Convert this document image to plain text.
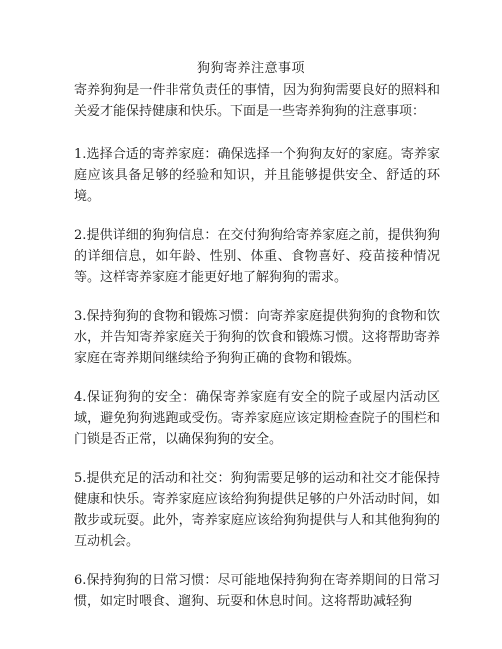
狗狗寄养注意事项

寄养狗狗是一件非常负责任的事情，因为狗狗需要良好的照料和关爱才能保持健康和快乐。下面是一些寄养狗狗的注意事项：

1.选择合适的寄养家庭：确保选择一个狗狗友好的家庭。寄养家庭应该具备足够的经验和知识，并且能够提供安全、舒适的环境。

2.提供详细的狗狗信息：在交付狗狗给寄养家庭之前，提供狗狗的详细信息，如年龄、性别、体重、食物喜好、疫苗接种情况等。这样寄养家庭才能更好地了解狗狗的需求。

3.保持狗狗的食物和锻炼习惯：向寄养家庭提供狗狗的食物和饮水，并告知寄养家庭关于狗狗的饮食和锻炼习惯。这将帮助寄养家庭在寄养期间继续给予狗狗正确的食物和锻炼。

4.保证狗狗的安全：确保寄养家庭有安全的院子或屋内活动区域，避免狗狗逃跑或受伤。寄养家庭应该定期检查院子的围栏和门锁是否正常，以确保狗狗的安全。

5.提供充足的活动和社交：狗狗需要足够的运动和社交才能保持健康和快乐。寄养家庭应该给狗狗提供足够的户外活动时间，如散步或玩耍。此外，寄养家庭应该给狗狗提供与人和其他狗狗的互动机会。

6.保持狗狗的日常习惯：尽可能地保持狗狗在寄养期间的日常习惯，如定时喂食、遛狗、玩耍和休息时间。这将帮助减轻狗
